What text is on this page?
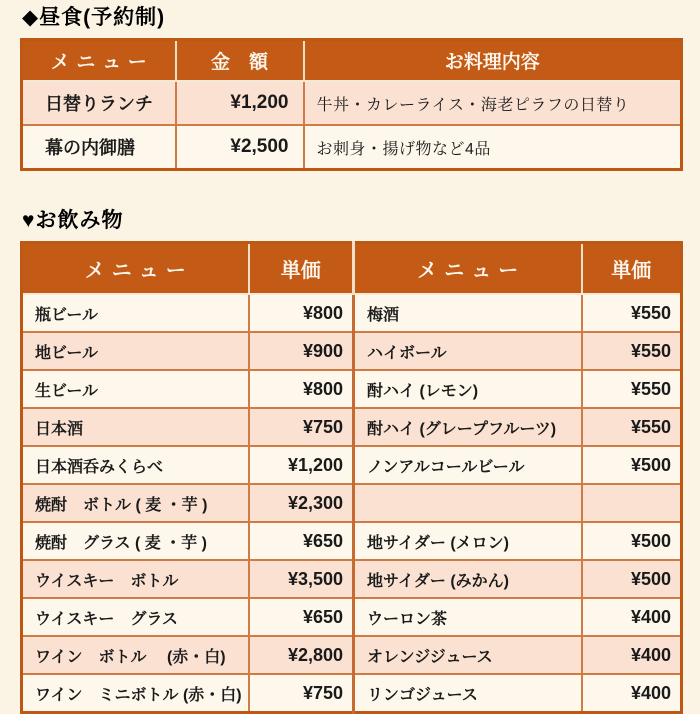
◆昼食(予約制)
メニュー	金　額	お料理内容
日替りランチ	¥1,200	牛丼・カレーライス・海老ピラフの日替り
幕の内御膳	¥2,500	お刺身・揚げ物など4品
♥お飲み物
メニュー	単価	メニュー	単価
瓶ビール	¥800	梅酒	¥550
地ビール	¥900	ハイボール	¥550
生ビール	¥800	酎ハイ (レモン)	¥550
日本酒	¥750	酎ハイ (グレープフルーツ)	¥550
日本酒呑みくらべ	¥1,200	ノンアルコールビール	¥500
焼酎　ボトル ( 麦 ・芋 )	¥2,300		
焼酎　グラス ( 麦 ・芋 )	¥650	地サイダー (メロン)	¥500
ウイスキー　ボトル	¥3,500	地サイダー (みかん)	¥500
ウイスキー　グラス	¥650	ウーロン茶	¥400
ワイン　ボトル　 (赤・白)	¥2,800	オレンジジュース	¥400
ワイン　ミニボトル (赤・白)	¥750	リンゴジュース	¥400
